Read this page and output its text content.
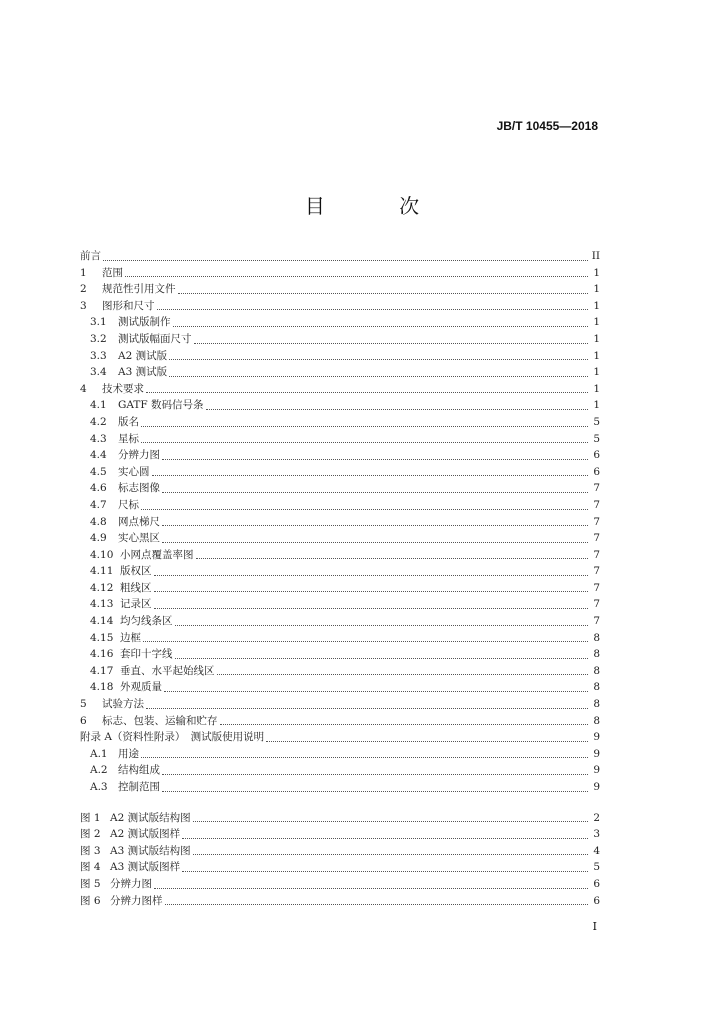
JB/T 10455—2018
目 次
前言	II
1	范围	1
2	规范性引用文件	1
3	图形和尺寸	1
3.1	测试版制作	1
3.2	测试版幅面尺寸	1
3.3	A2 测试版	1
3.4	A3 测试版	1
4	技术要求	1
4.1	GATF 数码信号条	1
4.2	版名	5
4.3	星标	5
4.4	分辨力图	6
4.5	实心圆	6
4.6	标志图像	7
4.7	尺标	7
4.8	网点梯尺	7
4.9	实心黑区	7
4.10 小网点覆盖率图	7
4.11 版权区	7
4.12 粗线区	7
4.13 记录区	7
4.14 均匀线条区	7
4.15 边框	8
4.16 套印十字线	8
4.17 垂直、水平起始线区	8
4.18 外观质量	8
5	试验方法	8
6	标志、包装、运输和贮存	8
附录 A（资料性附录）　测试版使用说明	9
A.1 用途	9
A.2 结构组成	9
A.3 控制范围	9
图 1 A2 测试版结构图	2
图 2 A2 测试版图样	3
图 3 A3 测试版结构图	4
图 4 A3 测试版图样	5
图 5 分辨力图	6
图 6 分辨力图样	6
I
